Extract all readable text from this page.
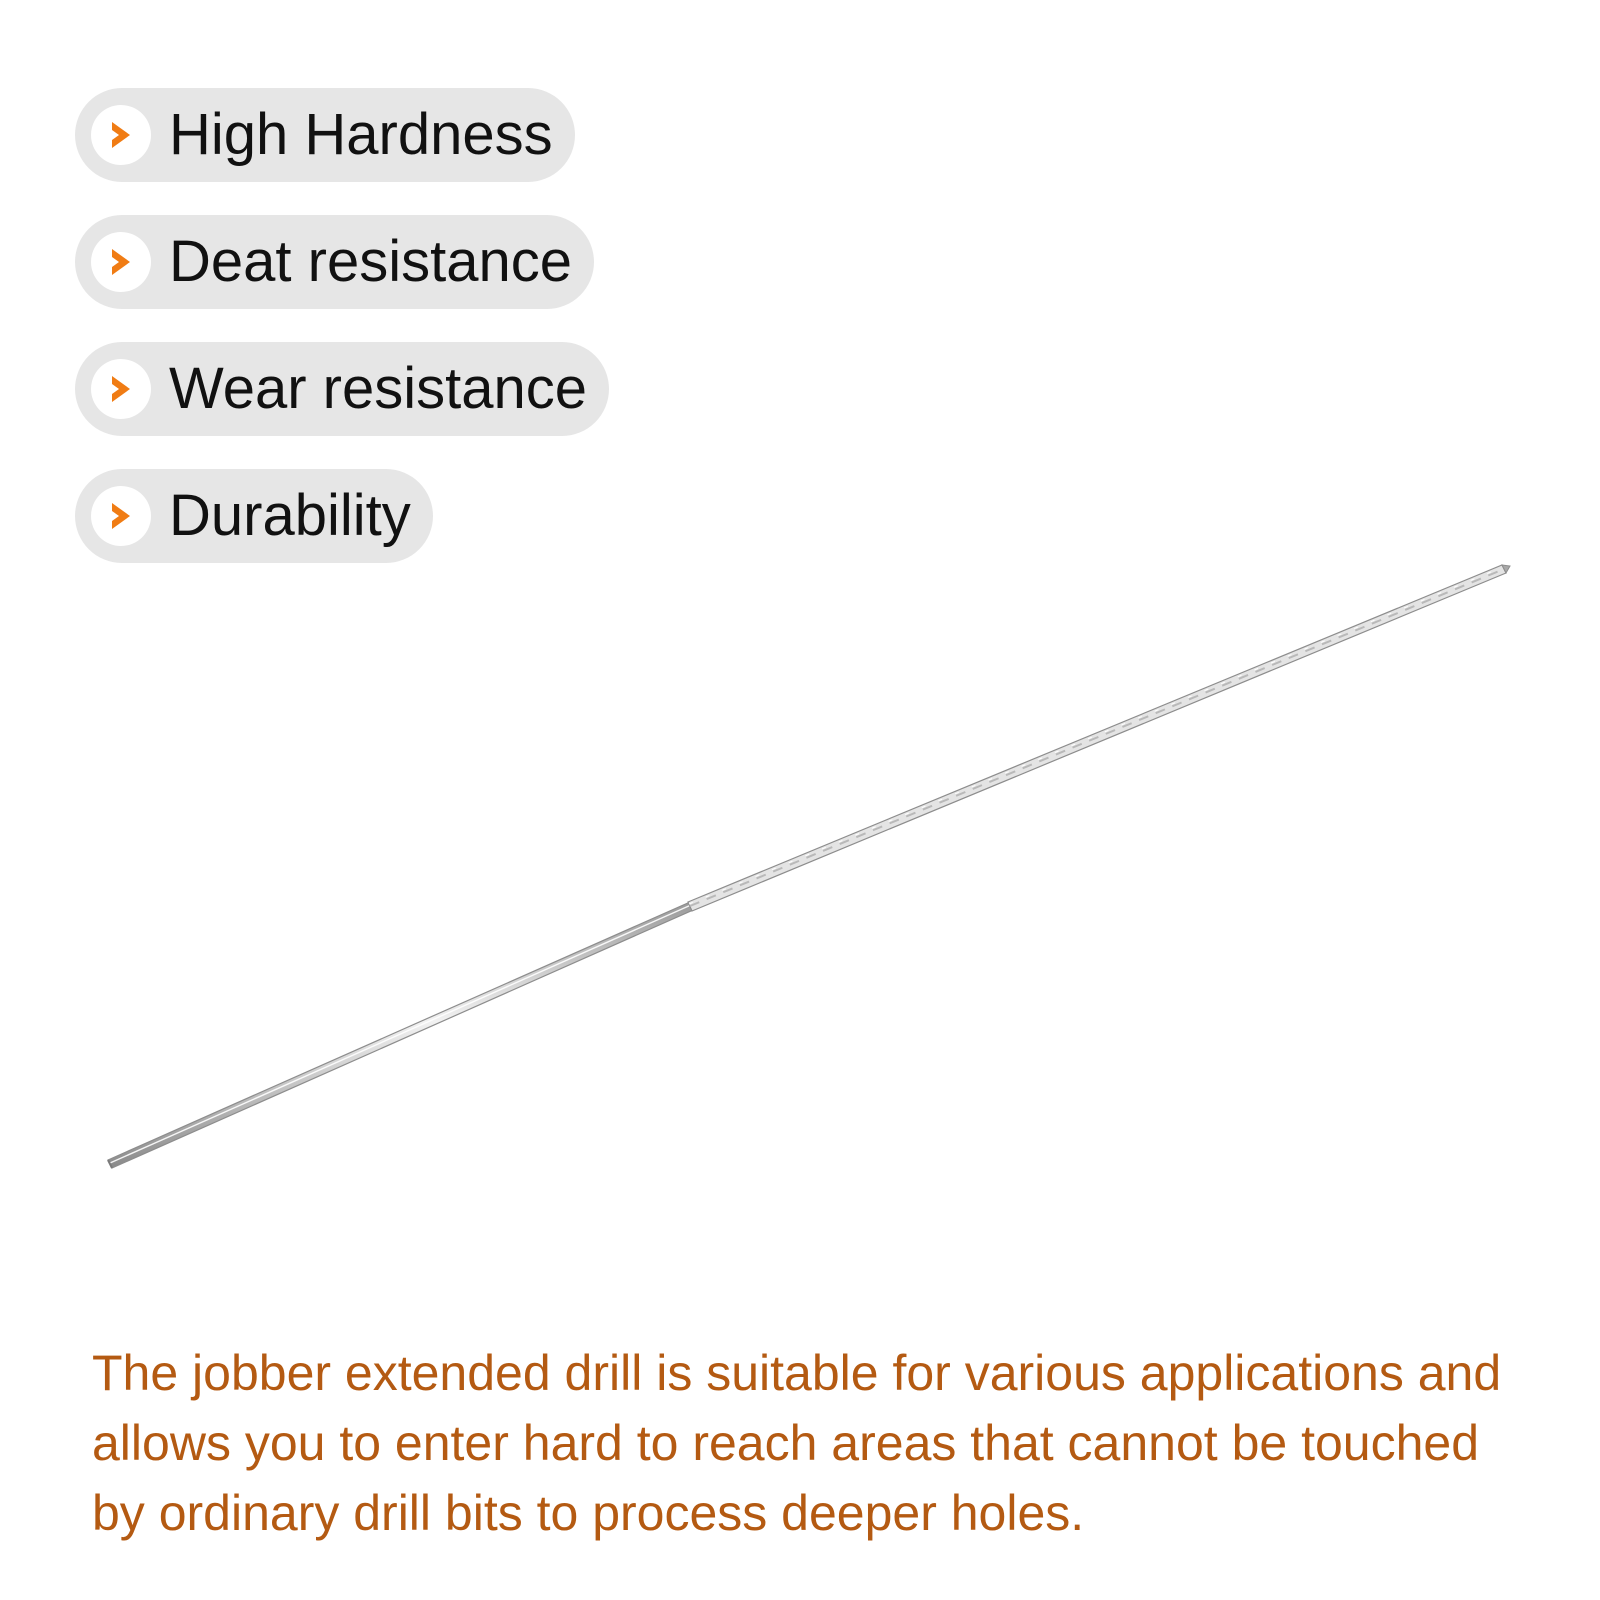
High Hardness
Deat resistance
Wear resistance
Durability

The jobber extended drill is suitable for various applications and allows you to enter hard to reach areas that cannot be touched by ordinary drill bits to process deeper holes.
